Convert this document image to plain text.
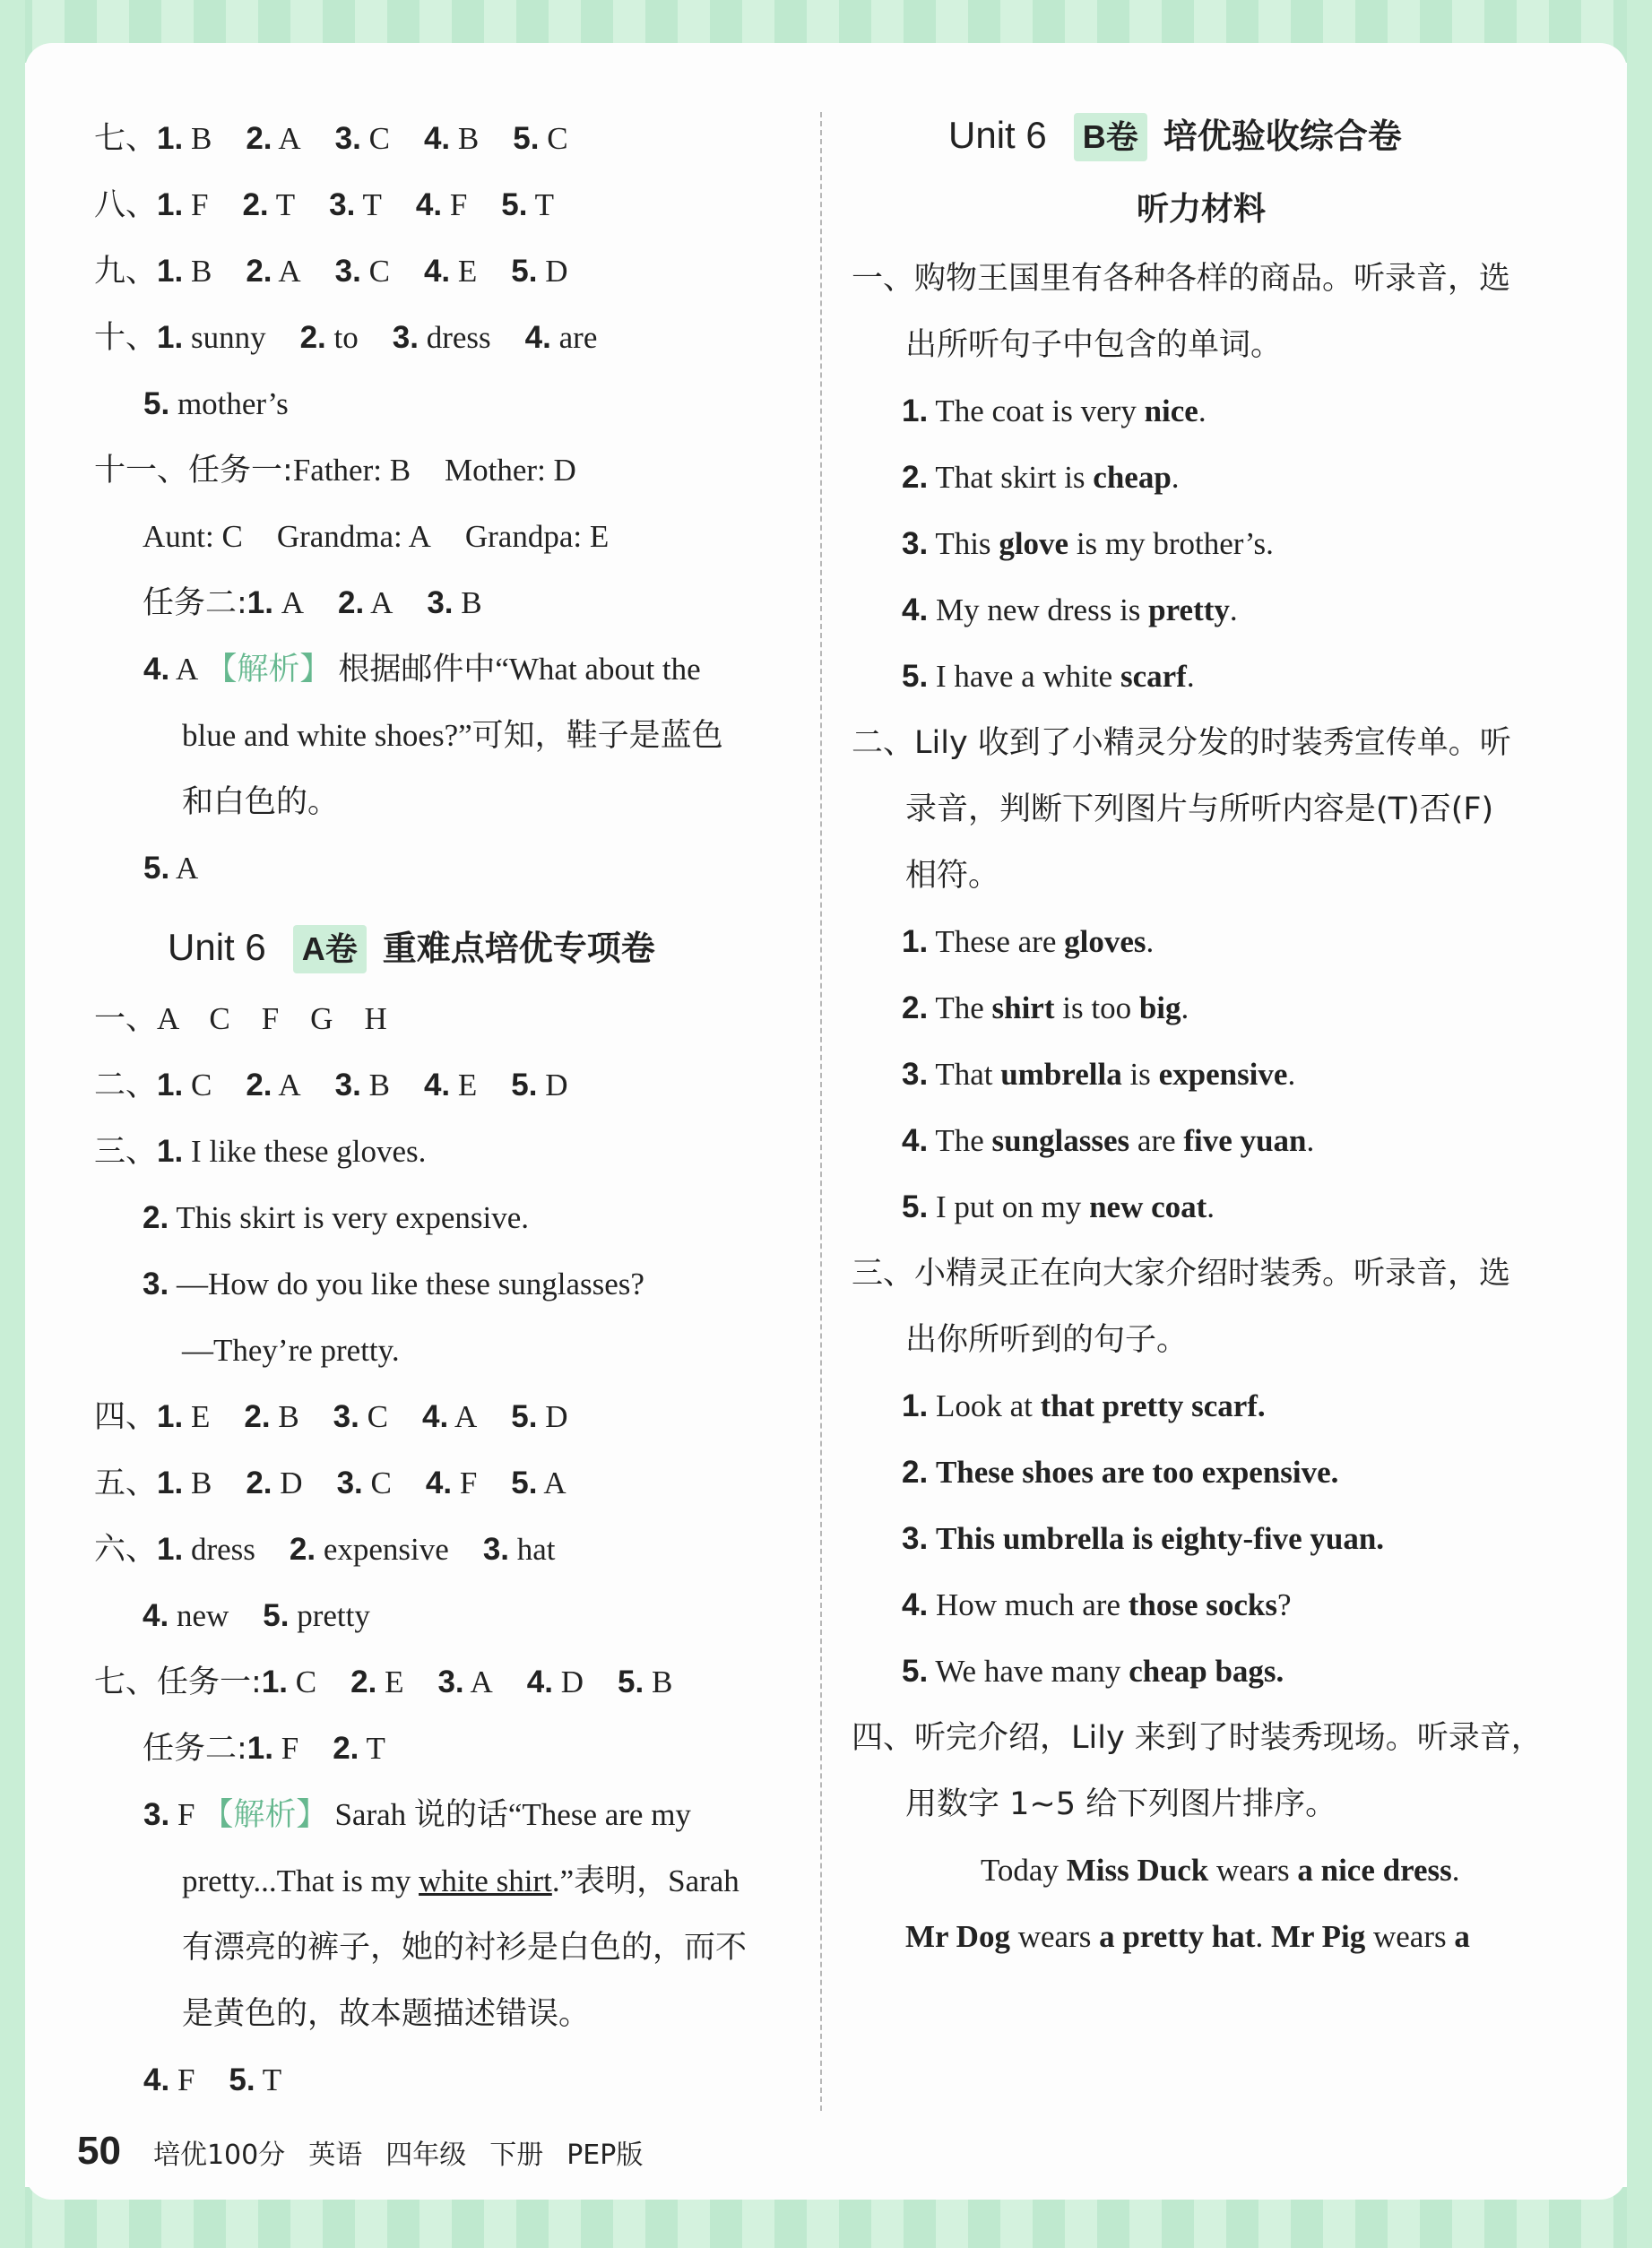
七、1. B 2. A 3. C 4. B 5. C
八、1. F 2. T 3. T 4. F 5. T
九、1. B 2. A 3. C 4. E 5. D
十、1. sunny 2. to 3. dress 4. are
5. mother’s
十一、任务一:Father: B Mother: D
Aunt: C Grandma: A Grandpa: E
任务二:1. A 2. A 3. B
4. A 【解析】 根据邮件中“What about the
blue and white shoes?”可知，鞋子是蓝色
和白色的。
5. A
Unit 6 A卷 重难点培优专项卷
一、A　C　F　G　H
二、1. C 2. A 3. B 4. E 5. D
三、1. I like these gloves.
2. This skirt is very expensive.
3. —How do you like these sunglasses?
—They’re pretty.
四、1. E 2. B 3. C 4. A 5. D
五、1. B 2. D 3. C 4. F 5. A
六、1. dress 2. expensive 3. hat
4. new 5. pretty
七、任务一:1. C 2. E 3. A 4. D 5. B
任务二:1. F 2. T
3. F 【解析】 Sarah 说的话“These are my
pretty...That is my white shirt.”表明，Sarah
有漂亮的裤子，她的衬衫是白色的，而不
是黄色的，故本题描述错误。
4. F 5. T
Unit 6 B卷 培优验收综合卷
听力材料
一、购物王国里有各种各样的商品。听录音，选
出所听句子中包含的单词。
1. The coat is very nice.
2. That skirt is cheap.
3. This glove is my brother’s.
4. My new dress is pretty.
5. I have a white scarf.
二、Lily 收到了小精灵分发的时装秀宣传单。听
录音，判断下列图片与所听内容是(T)否(F)
相符。
1. These are gloves.
2. The shirt is too big.
3. That umbrella is expensive.
4. The sunglasses are five yuan.
5. I put on my new coat.
三、小精灵正在向大家介绍时装秀。听录音，选
出你所听到的句子。
1. Look at that pretty scarf.
2. These shoes are too expensive.
3. This umbrella is eighty-five yuan.
4. How much are those socks?
5. We have many cheap bags.
四、听完介绍，Lily 来到了时装秀现场。听录音，
用数字 1~5 给下列图片排序。
Today Miss Duck wears a nice dress.
Mr Dog wears a pretty hat. Mr Pig wears a
50 培优100分 英语 四年级 下册 PEP版
